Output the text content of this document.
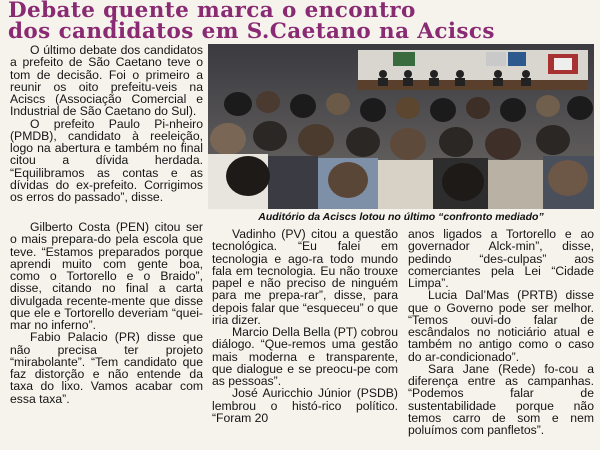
Debate quente marca o encontro
dos candidatos em S.Caetano na Aciscs

O último debate dos candidatos a prefeito de São Caetano teve o tom de decisão. Foi o primeiro a reunir os oito prefeitu-veis na Aciscs (Associação Comercial e Industrial de São Caetano do Sul).

O prefeito Paulo Pi-nheiro (PMDB), candidato à reeleição, logo na abertura e também no final citou a dívida herdada. “Equilibramos as contas e as dívidas do ex-prefeito. Corrigimos os erros do passado”, disse.

Auditório da Aciscs lotou no último “confronto mediado”

Gilberto Costa (PEN) citou ser o mais prepara-do pela escola que teve. “Estamos preparados porque aprendi muito com gente boa, como o Tortorello e o Braido”, disse, citando no final a carta divulgada recente-mente que disse que ele e Tortorello deveriam “quei-mar no inferno”.

Fabio Palacio (PR) disse que não precisa ter projeto “mirabolante”. “Tem candidato que faz distorção e não entende da taxa do lixo. Vamos acabar com essa taxa”.

Vadinho (PV) citou a questão tecnológica. “Eu falei em tecnologia e ago-ra todo mundo fala em tecnologia. Eu não trouxe papel e não preciso de ninguém para me prepa-rar”, disse, para depois falar que “esqueceu” o que iria dizer.

Marcio Della Bella (PT) cobrou diálogo. “Que-remos uma gestão mais moderna e transparente, que dialogue e se preocu-pe com as pessoas”.

José Auricchio Júnior (PSDB) lembrou o histó-rico político. “Foram 20

anos ligados a Tortorello e ao governador Alck-min”, disse, pedindo “des-culpas” aos comerciantes pela Lei “Cidade Limpa”.

Lucia Dal’Mas (PRTB) disse que o Governo pode ser melhor. “Temos ouvi-do falar de escândalos no noticiário atual e também no antigo como o caso do ar-condicionado”.

Sara Jane (Rede) fo-cou a diferença entre as campanhas. “Podemos falar de sustentabilidade porque não temos carro de som e nem poluímos com panfletos”.
